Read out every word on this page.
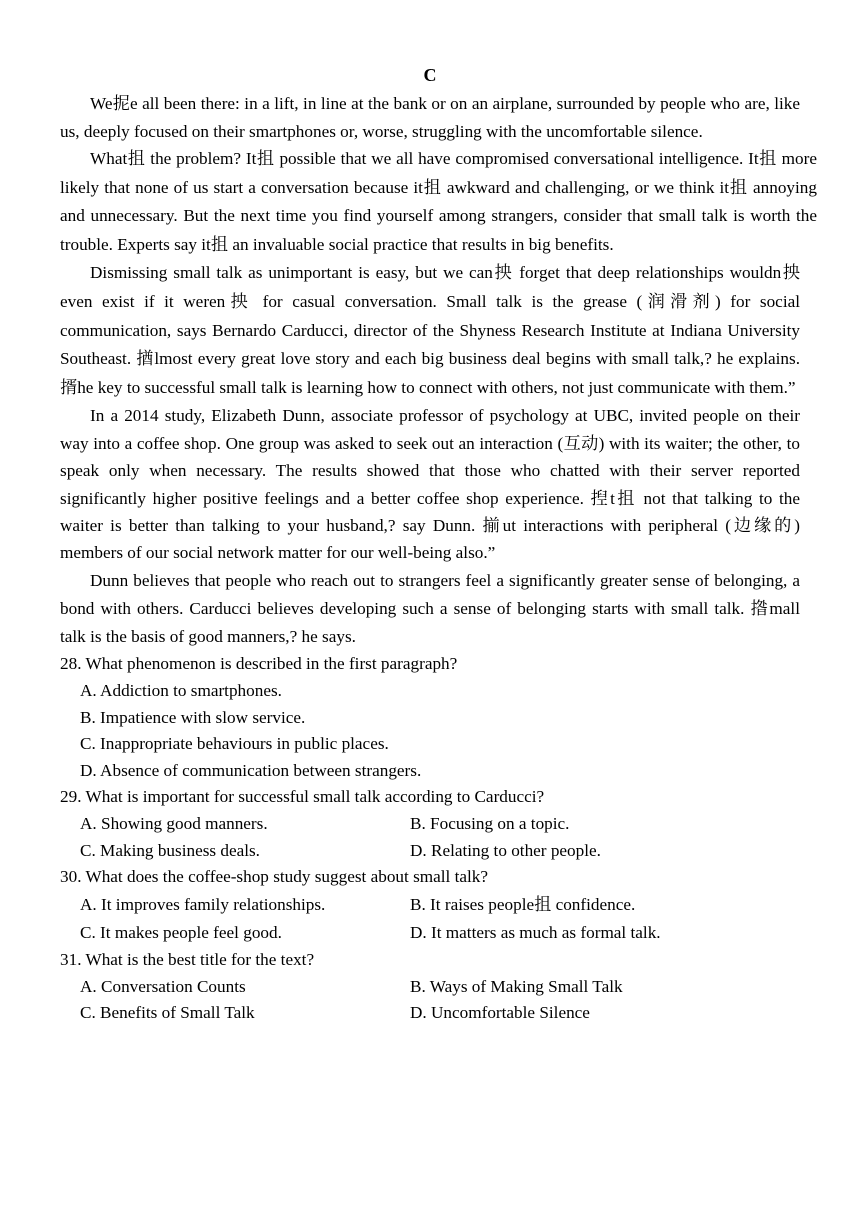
C

We抳e all been there: in a lift, in line at the bank or on an airplane, surrounded by people who are, like us, deeply focused on their smartphones or, worse, struggling with the uncomfortable silence.

What抯 the problem? It抯 possible that we all have compromised conversational intelligence. It抯 more likely that none of us start a conversation because it抯 awkward and challenging, or we think it抯 annoying and unnecessary. But the next time you find yourself among strangers, consider that small talk is worth the trouble. Experts say it抯 an invaluable social practice that results in big benefits.

Dismissing small talk as unimportant is easy, but we can抰 forget that deep relationships wouldn抰 even exist if it weren抰 for casual conversation. Small talk is the grease (润滑剂) for social communication, says Bernardo Carducci, director of the Shyness Research Institute at Indiana University Southeast. 揂lmost every great love story and each big business deal begins with small talk,? he explains. 揟he key to successful small talk is learning how to connect with others, not just communicate with them.”

In a 2014 study, Elizabeth Dunn, associate professor of psychology at UBC, invited people on their way into a coffee shop. One group was asked to seek out an interaction (互动) with its waiter; the other, to speak only when necessary. The results showed that those who chatted with their server reported significantly higher positive feelings and a better coffee shop experience. 揑t抯 not that talking to the waiter is better than talking to your husband,? say Dunn. 揃ut interactions with peripheral (边缘的) members of our social network matter for our well-being also.”

Dunn believes that people who reach out to strangers feel a significantly greater sense of belonging, a bond with others. Carducci believes developing such a sense of belonging starts with small talk. 揝mall talk is the basis of good manners,? he says.

28. What phenomenon is described in the first paragraph?
A. Addiction to smartphones.
B. Impatience with slow service.
C. Inappropriate behaviours in public places.
D. Absence of communication between strangers.
29. What is important for successful small talk according to Carducci?
A. Showing good manners.	B. Focusing on a topic.
C. Making business deals.	D. Relating to other people.
30. What does the coffee-shop study suggest about small talk?
A. It improves family relationships.	B. It raises people抯 confidence.
C. It makes people feel good.	D. It matters as much as formal talk.
31. What is the best title for the text?
A. Conversation Counts	B. Ways of Making Small Talk
C. Benefits of Small Talk	D. Uncomfortable Silence
